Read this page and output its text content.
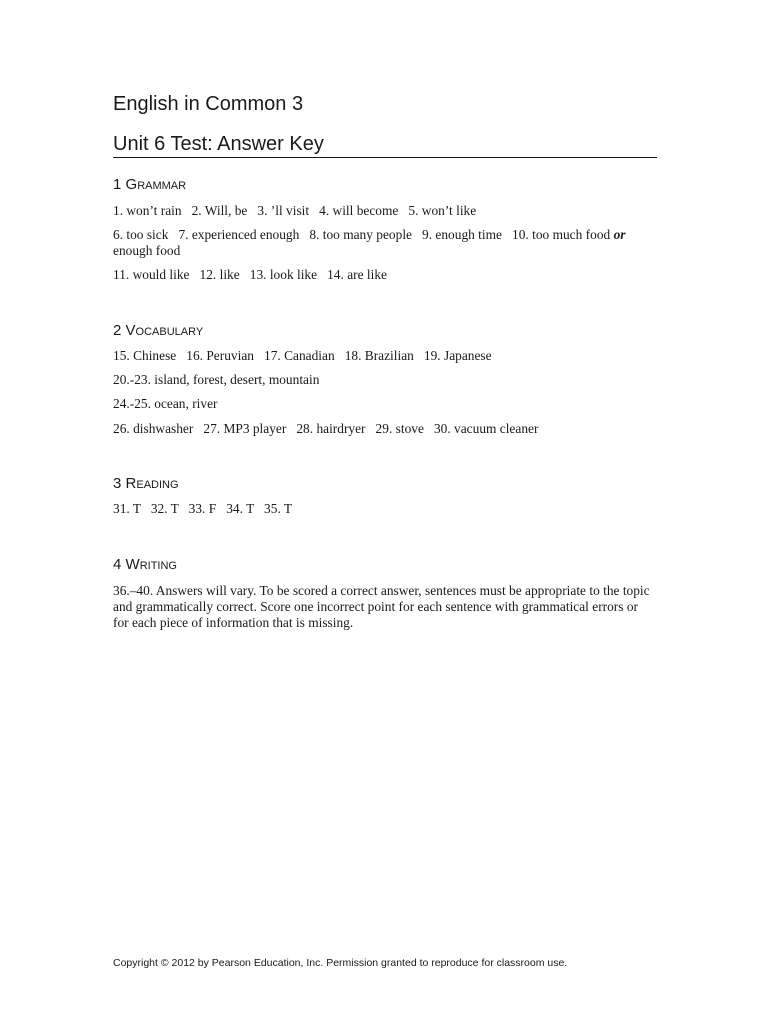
English in Common 3
Unit 6 Test: Answer Key
1 Grammar

1. won’t rain   2. Will, be   3. ’ll visit   4. will become   5. won’t like

6. too sick   7. experienced enough   8. too many people   9. enough time   10. too much food or

enough food

11. would like   12. like   13. look like   14. are like

2 Vocabulary

15. Chinese   16. Peruvian   17. Canadian   18. Brazilian   19. Japanese

20.-23. island, forest, desert, mountain

24.-25. ocean, river

26. dishwasher   27. MP3 player   28. hairdryer   29. stove   30. vacuum cleaner

3 Reading

31. T   32. T   33. F   34. T   35. T

4 Writing

36.–40. Answers will vary. To be scored a correct answer, sentences must be appropriate to the topic and grammatically correct. Score one incorrect point for each sentence with grammatical errors or for each piece of information that is missing.

Copyright © 2012 by Pearson Education, Inc. Permission granted to reproduce for classroom use.
